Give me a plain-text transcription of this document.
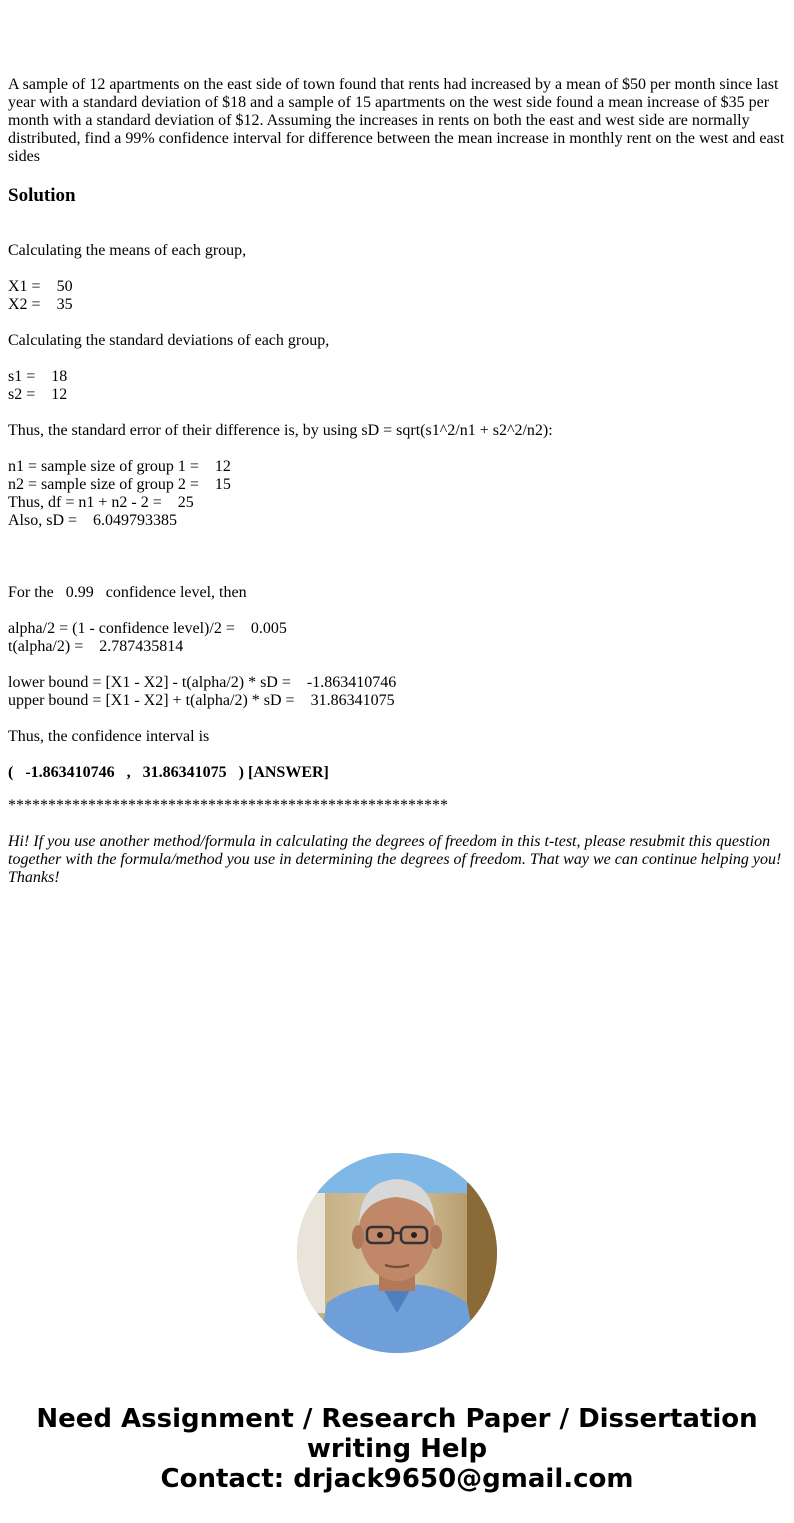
A sample of 12 apartments on the east side of town found that rents had increased by a mean of $50 per month since last year with a standard deviation of $18 and a sample of 15 apartments on the west side found a mean increase of $35 per month with a standard deviation of $12. Assuming the increases in rents on both the east and west side are normally distributed, find a 99% confidence interval for difference between the mean increase in monthly rent on the west and east sides

Solution
Calculating the means of each group,
X1 =    50
X2 =    35
Calculating the standard deviations of each group,
s1 =    18
s2 =    12
Thus, the standard error of their difference is, by using sD = sqrt(s1^2/n1 + s2^2/n2):
n1 = sample size of group 1 =    12
n2 = sample size of group 2 =    15
Thus, df = n1 + n2 - 2 =    25
Also, sD =    6.049793385
For the   0.99   confidence level, then
alpha/2 = (1 - confidence level)/2 =    0.005
t(alpha/2) =    2.787435814
lower bound = [X1 - X2] - t(alpha/2) * sD =    -1.863410746
upper bound = [X1 - X2] + t(alpha/2) * sD =    31.86341075
Thus, the confidence interval is
(   -1.863410746   ,   31.86341075   ) [ANSWER]
*******************************************************

Hi! If you use another method/formula in calculating the degrees of freedom in this t-test, please resubmit this question together with the formula/method you use in determining the degrees of freedom. That way we can continue helping you! Thanks!

Need Assignment / Research Paper / Dissertation
writing Help
Contact: drjack9650@gmail.com
